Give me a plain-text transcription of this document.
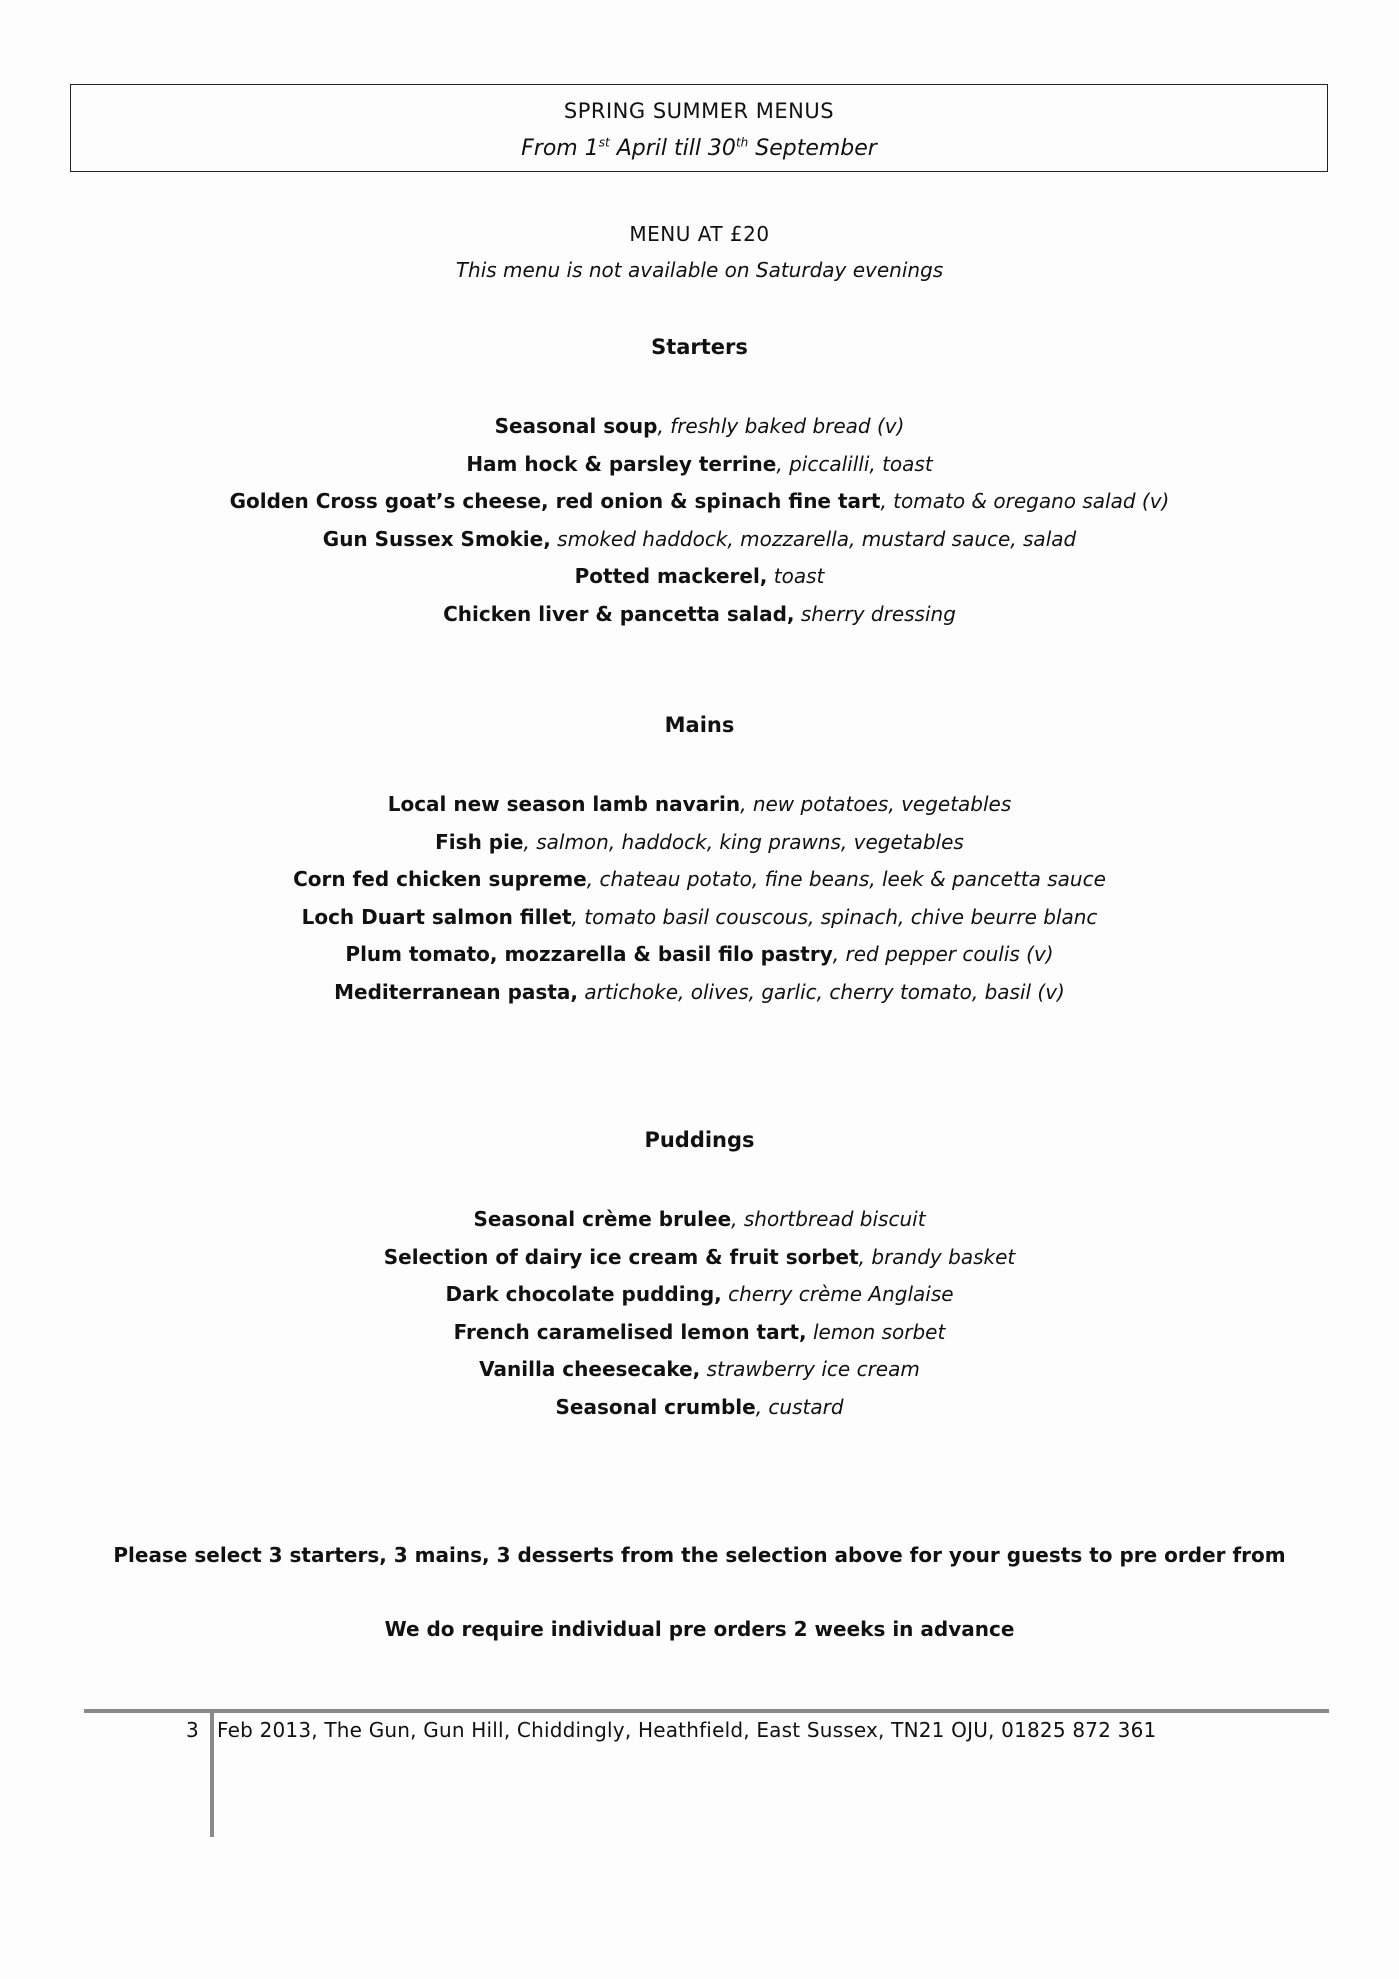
SPRING SUMMER MENUS
From 1st April till 30th September
MENU AT £20
This menu is not available on Saturday evenings
Starters
Seasonal soup, freshly baked bread (v)
Ham hock & parsley terrine, piccalilli, toast
Golden Cross goat’s cheese, red onion & spinach fine tart, tomato & oregano salad (v)
Gun Sussex Smokie, smoked haddock, mozzarella, mustard sauce, salad
Potted mackerel, toast
Chicken liver & pancetta salad, sherry dressing
Mains
Local new season lamb navarin, new potatoes, vegetables
Fish pie, salmon, haddock, king prawns, vegetables
Corn fed chicken supreme, chateau potato, fine beans, leek & pancetta sauce
Loch Duart salmon fillet, tomato basil couscous, spinach, chive beurre blanc
Plum tomato, mozzarella & basil filo pastry, red pepper coulis (v)
Mediterranean pasta, artichoke, olives, garlic, cherry tomato, basil (v)
Puddings
Seasonal crème brulee, shortbread biscuit
Selection of dairy ice cream & fruit sorbet, brandy basket
Dark chocolate pudding, cherry crème Anglaise
French caramelised lemon tart, lemon sorbet
Vanilla cheesecake, strawberry ice cream
Seasonal crumble, custard
Please select 3 starters, 3 mains, 3 desserts from the selection above for your guests to pre order from
We do require individual pre orders 2 weeks in advance
3 Feb 2013, The Gun, Gun Hill, Chiddingly, Heathfield, East Sussex, TN21 OJU, 01825 872 361
